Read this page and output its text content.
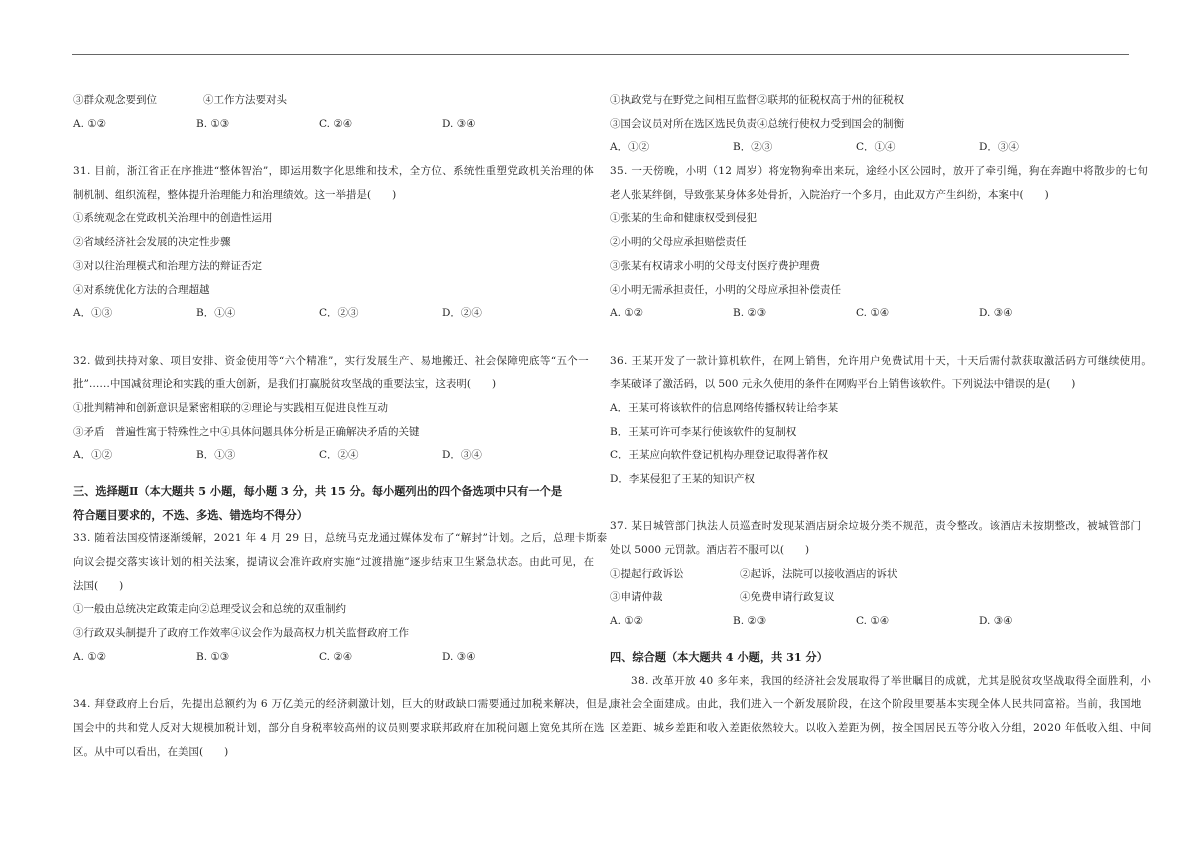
③群众观念要到位	④工作方法要对头
A. ①②	B. ①③	C. ②④	D. ③④
31. 目前，浙江省正在序推进“整体智治”，即运用数字化思维和技术，全方位、系统性重塑党政机关治理的体
制机制、组织流程，整体提升治理能力和治理绩效。这一举措是(　　)
①系统观念在党政机关治理中的创造性运用
②省域经济社会发展的决定性步骤
③对以往治理模式和治理方法的辩证否定
④对系统优化方法的合理超越
A．①③	B．①④	C．②③	D．②④
32. 做到扶持对象、项目安排、资金使用等“六个精准”，实行发展生产、易地搬迁、社会保障兜底等“五个一
批”……中国减贫理论和实践的重大创新，是我们打赢脱贫攻坚战的重要法宝，这表明(　　)
①批判精神和创新意识是紧密相联的②理论与实践相互促进良性互动
③矛盾　普遍性寓于特殊性之中④具体问题具体分析是正确解决矛盾的关键
A．①②	B．①③	C．②④	D．③④
三、选择题Ⅱ（本大题共 5 小题，每小题 3 分，共 15 分。每小题列出的四个备选项中只有一个是
符合题目要求的，不选、多选、错选均不得分）
33. 随着法国疫情逐渐缓解，2021 年 4 月 29 日，总统马克龙通过媒体发布了“解封”计划。之后，总理卡斯泰
向议会提交落实该计划的相关法案，提请议会准许政府实施“过渡措施”逐步结束卫生紧急状态。由此可见，在
法国(　　)
①一般由总统决定政策走向②总理受议会和总统的双重制约
③行政双头制提升了政府工作效率④议会作为最高权力机关监督政府工作
A. ①②	B. ①③	C. ②④	D. ③④
34. 拜登政府上台后，先提出总额约为 6 万亿美元的经济刺激计划，巨大的财政缺口需要通过加税来解决，但是，
国会中的共和党人反对大规模加税计划，部分自身税率较高州的议员则要求联邦政府在加税问题上宽免其所在选
区。从中可以看出，在美国(　　)
①执政党与在野党之间相互监督②联邦的征税权高于州的征税权
③国会议员对所在选区选民负责④总统行使权力受到国会的制衡
A．①②	B．②③	C．①④	D．③④
35. 一天傍晚，小明（12 周岁）将宠物狗牵出来玩，途经小区公园时，放开了牵引绳，狗在奔跑中将散步的七旬
老人张某绊倒，导致张某身体多处骨折，入院治疗一个多月，由此双方产生纠纷，本案中(　　)
①张某的生命和健康权受到侵犯
②小明的父母应承担赔偿责任
③张某有权请求小明的父母支付医疗费护理费
④小明无需承担责任，小明的父母应承担补偿责任
A. ①②	B. ②③	C. ①④	D. ③④
36. 王某开发了一款计算机软件，在网上销售，允许用户免费试用十天，十天后需付款获取激活码方可继续使用。
李某破译了激活码，以 500 元永久使用的条件在网购平台上销售该软件。下列说法中错误的是(　　)
A．王某可将该软件的信息网络传播权转让给李某
B．王某可许可李某行使该软件的复制权
C．王某应向软件登记机构办理登记取得著作权
D．李某侵犯了王某的知识产权
37. 某日城管部门执法人员巡查时发现某酒店厨余垃圾分类不规范，责令整改。该酒店未按期整改，被城管部门
处以 5000 元罚款。酒店若不服可以(　　)
①提起行政诉讼	②起诉，法院可以接收酒店的诉状
③申请仲裁	④免费申请行政复议
A. ①②	B. ②③	C. ①④	D. ③④
四、综合题（本大题共 4 小题，共 31 分）
38. 改革开放 40 多年来，我国的经济社会发展取得了举世瞩目的成就，尤其是脱贫攻坚战取得全面胜利，小
康社会全面建成。由此，我们进入一个新发展阶段，在这个阶段里要基本实现全体人民共同富裕。当前，我国地
区差距、城乡差距和收入差距依然较大。以收入差距为例，按全国居民五等分收入分组，2020 年低收入组、中间
